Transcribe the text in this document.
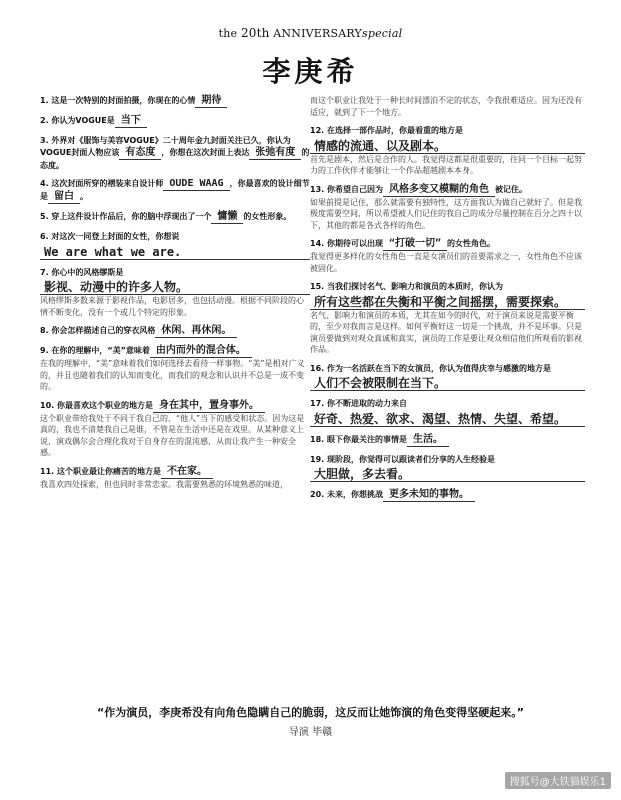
the 20th ANNIVERSARYspecial
李庚希
1. 这是一次特别的封面拍摄，你现在的心情 期待
2. 你认为VOGUE是 当下
3. 外界对《服饰与美容VOGUE》二十周年金九封面关注已久，你认为VOGUE封面人物应该 有态度 ，你想在这次封面上表达 张弛有度 的态度。
4. 这次封面所穿的褶装来自设计师 OUDE WAAG ，你最喜欢的设计细节是 留白 。
5. 穿上这件设计作品后，你的脑中浮现出了一个 慵懒 的女性形象。
6. 对这次一同登上封面的女性，你想说
We are what we are.
7. 你心中的风格缪斯是
影视、动漫中的许多人物。
风格缪斯多数来源于影视作品，电影居多，也包括动漫。根据不同阶段的心情不断变化，没有一个或几个特定的形象。
8. 你会怎样描述自己的穿衣风格 休闲、再休闲。
9. 在你的理解中，“美”意味着 由内而外的混合体。
在我的理解中，“美”意味着我们如何选择去看待一样事物。“美”是相对广义的，并且也随着我们的认知而变化，而我们的观念和认识并不总是一成不变的。
10. 你最喜欢这个职业的地方是 身在其中，置身事外。
这个职业带给我处于不同于我自己的、“他人”当下的感受和状态。因为这是真的，我也不清楚我自己是谁，不管是在生活中还是在戏里。从某种意义上说，演戏偶尔会合理化我对于自身存在的混沌感，从而让我产生一种安全感。
11. 这个职业最让你痛苦的地方是 不在家。
我喜欢四处探索，但也同时非常恋家。我需要熟悉的环境熟悉的味道，
而这个职业让我处于一种长时间漂泊不定的状态，令我很难适应。因为还没有适应，就到了下一个地方。
12. 在选择一部作品时，你最看重的地方是
情感的流通、以及剧本。
首先是剧本，然后是合作的人。我觉得这都是很重要的，往同一个目标一起努力的工作伙伴才能够让一个作品超越剧本本身。
13. 你希望自己因为 风格多变又模糊的角色 被记住。
如果前提是记住，那么就需要有独特性，这方面我认为做自己就好了。但是我极度需要空间，所以希望被人们记住的我自己的成分尽量控制在百分之四十以下，其他的都是各式各样的角色。
14. 你期待可以出现 “打破一切” 的女性角色。
我觉得更多样化的女性角色一直是女演员们的首要需求之一，女性角色不应该被固化。
15. 当我们探讨名气、影响力和演员的本质时，你认为
所有这些都在失衡和平衡之间摇摆，需要探索。
名气、影响力和演员的本质，尤其在如今的时代，对于演员来说是需要平衡的，至少对我而言是这样。如何平衡好这一切是一个挑战，并不是坏事。只是演员要做到对观众真诚和真实，演员的工作是要让观众相信他们所观看的影视作品。
16. 作为一名活跃在当下的女演员，你认为值得庆幸与感激的地方是
人们不会被限制在当下。
17. 你不断进取的动力来自
好奇、热爱、欲求、渴望、热情、失望、希望。
18. 眼下你最关注的事情是 生活。
19. 现阶段，你觉得可以跟读者们分享的人生经验是
大胆做，多去看。
20. 未来，你想挑战 更多未知的事物。
“作为演员，李庚希没有向角色隐瞒自己的脆弱，这反而让她饰演的角色变得坚硬起来。”
导演 毕赣
搜狐号@大铁猫娱乐1
